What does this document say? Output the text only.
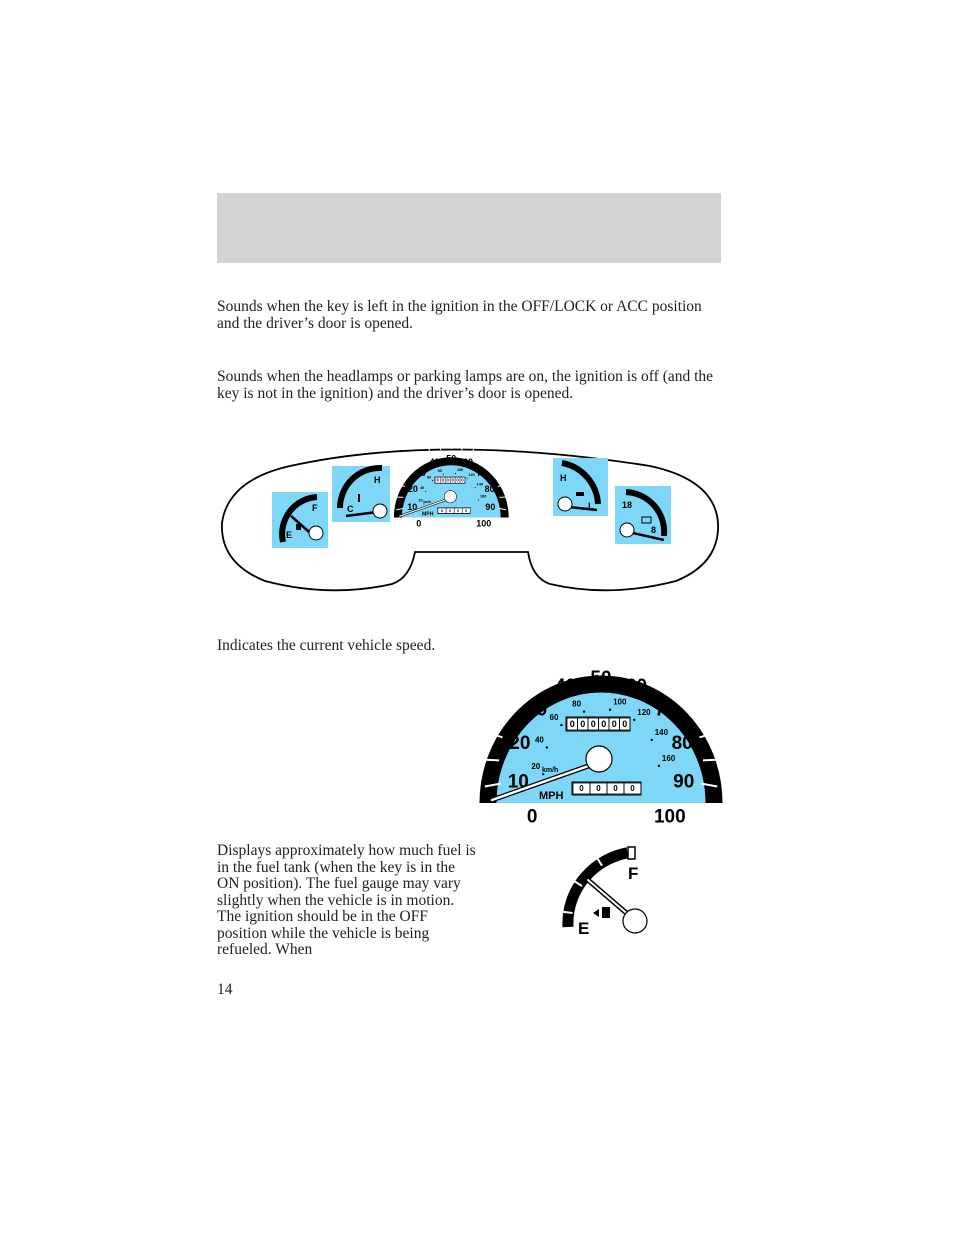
Sounds when the key is left in the ignition in the OFF/LOCK or ACC position and the driver’s door is opened.

Sounds when the headlamps or parking lamps are on, the ignition is off (and the key is not in the ignition) and the driver’s door is opened.

F
E
H
C
H
L	18
8

Indicates the current vehicle speed.

0
10
20
30
40 50 60
70
80
90
100
20
40
60
80	100
120
140
160
km/h
0 0 0 0 0 0
0 0 0 0
MPH

Displays approximately how much fuel is in the fuel tank (when the key is in the ON position). The fuel gauge may vary slightly when the vehicle is in motion. The ignition should be in the OFF position while the vehicle is being refueled. When

F
E
14
